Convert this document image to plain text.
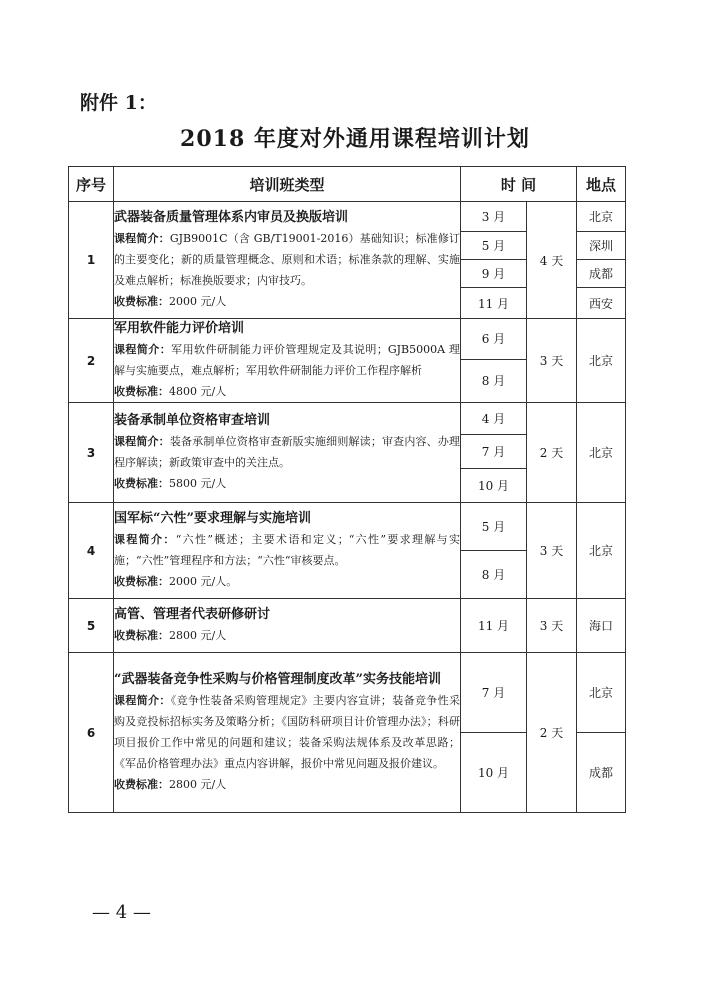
附件 1：
2018 年度对外通用课程培训计划
序号	培训班类型	时 间		地点
1	武器装备质量管理体系内审员及换版培训
课程简介：GJB9001C（含 GB/T19001-2016）基础知识；标准修订的主要变化；新的质量管理概念、原则和术语；标准条款的理解、实施及难点解析；标准换版要求；内审技巧。
收费标准：2000 元/人	3 月	4 天	北京
		5 月		深圳
		9 月		成都
		11 月		西安
2	军用软件能力评价培训
课程简介：军用软件研制能力评价管理规定及其说明；GJB5000A 理解与实施要点，难点解析；军用软件研制能力评价工作程序解析
收费标准：4800 元/人	6 月	3 天	北京
		8 月		
3	装备承制单位资格审查培训
课程简介：装备承制单位资格审查新版实施细则解读；审查内容、办理程序解读；新政策审查中的关注点。
收费标准：5800 元/人	4 月	2 天	北京
		7 月		
		10 月		
4	国军标“六性”要求理解与实施培训
课程简介：“六性”概述；主要术语和定义；“六性”要求理解与实施；“六性”管理程序和方法；“六性“审核要点。
收费标准：2000 元/人。	5 月	3 天	北京
		8 月		
5	高管、管理者代表研修研讨
收费标准：2800 元/人	11 月	3 天	海口
6	“武器装备竞争性采购与价格管理制度改革”实务技能培训
课程简介：《竞争性装备采购管理规定》主要内容宣讲；装备竞争性采购及竞投标招标实务及策略分析；《国防科研项目计价管理办法》；科研项目报价工作中常见的问题和建议；装备采购法规体系及改革思路；《军品价格管理办法》重点内容讲解，报价中常见问题及报价建议。
收费标准：2800 元/人	7 月	2 天	北京
		10 月		成都
— 4 —
